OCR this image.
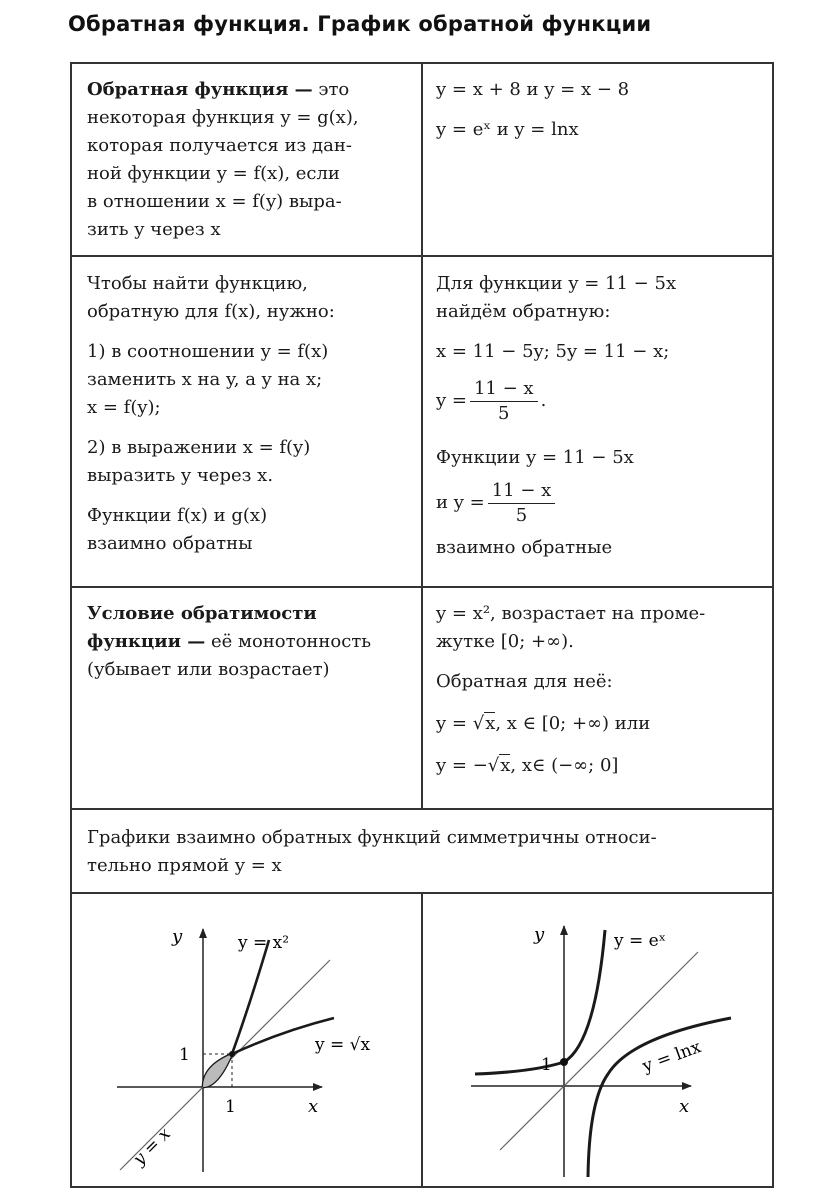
Обратная функция. График обратной функции

Обратная функция — это

некоторая функция y = g(x),

которая получается из дан-

ной функции y = f(x), если

в отношении x = f(y) выра-

зить y через x

y = x + 8 и y = x − 8

y = eˣ и y = lnx

Чтобы найти функцию,

обратную для f(x), нужно:

1) в соотношении y = f(x)

заменить x на y, а y на x;

x = f(y);

2) в выражении x = f(y)

выразить y через x.

Функции f(x) и g(x)

взаимно обратны

Для функции y = 11 − 5x

найдём обратную:

x = 11 − 5y; 5y = 11 − x;

$y = \frac{11 - x}{5}$ .

Функции y = 11 − 5x

и $y = \frac{11 - x}{5}$

взаимно обратные

Условие обратимости

функции — её монотонность

(убывает или возрастает)

y = x², возрастает на проме-

жутке [0; +∞).

Обратная для неё:

y = √x, x ∈ [0; +∞) или

y = −√x, x∈ (−∞; 0]

Графики взаимно обратных функций симметричны относи-

тельно прямой y = x

y
x
y = x²
y = √x
1
1
y = x
y
x
y = eˣ
y = lnx
1
